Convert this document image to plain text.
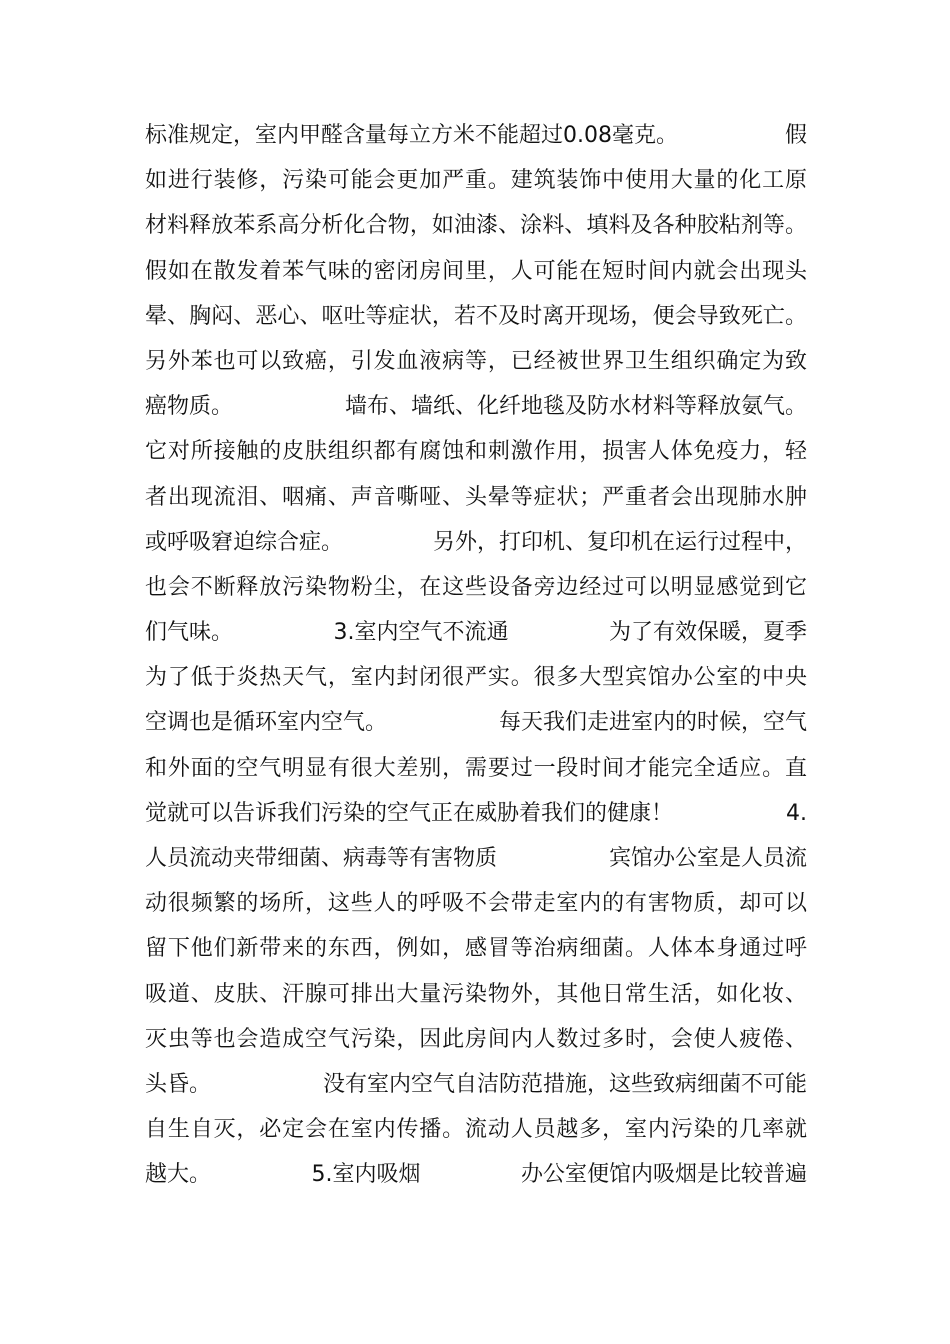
标准规定，室内甲醛含量每立方米不能超过0.08毫克。	假
如进行装修，污染可能会更加严重。建筑装饰中使用大量的化工原
材料释放苯系高分析化合物，如油漆、涂料、填料及各种胶粘剂等。
假如在散发着苯气味的密闭房间里，人可能在短时间内就会出现头
晕、胸闷、恶心、呕吐等症状，若不及时离开现场，便会导致死亡。
另外苯也可以致癌，引发血液病等，已经被世界卫生组织确定为致
癌物质。	墙布、墙纸、化纤地毯及防水材料等释放氨气。
它对所接触的皮肤组织都有腐蚀和刺激作用，损害人体免疫力，轻
者出现流泪、咽痛、声音嘶哑、头晕等症状；严重者会出现肺水肿
或呼吸窘迫综合症。	另外，打印机、复印机在运行过程中，
也会不断释放污染物粉尘，在这些设备旁边经过可以明显感觉到它
们气味。	3.室内空气不流通	为了有效保暖，夏季
为了低于炎热天气，室内封闭很严实。很多大型宾馆办公室的中央
空调也是循环室内空气。	每天我们走进室内的时候，空气
和外面的空气明显有很大差别，需要过一段时间才能完全适应。直
觉就可以告诉我们污染的空气正在威胁着我们的健康！	4.
人员流动夹带细菌、病毒等有害物质	宾馆办公室是人员流
动很频繁的场所，这些人的呼吸不会带走室内的有害物质，却可以
留下他们新带来的东西，例如，感冒等治病细菌。人体本身通过呼
吸道、皮肤、汗腺可排出大量污染物外，其他日常生活，如化妆、
灭虫等也会造成空气污染，因此房间内人数过多时，会使人疲倦、
头昏。	没有室内空气自洁防范措施，这些致病细菌不可能
自生自灭，必定会在室内传播。流动人员越多，室内污染的几率就
越大。	5.室内吸烟	办公室便馆内吸烟是比较普遍
